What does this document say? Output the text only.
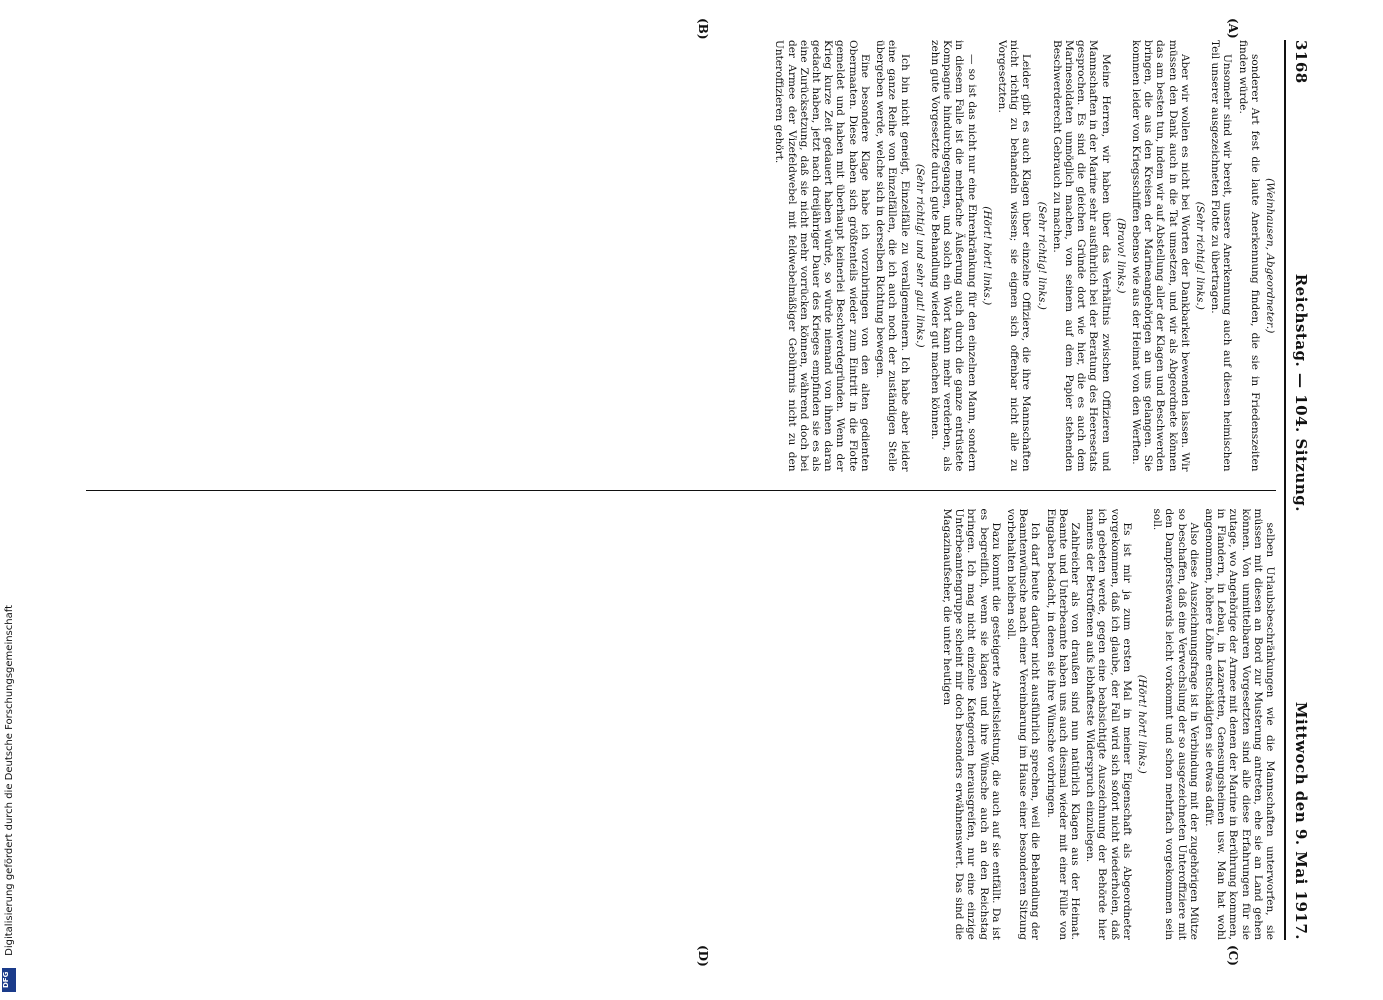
3168
Reichstag. — 104. Sitzung.
Mittwoch den 9. Mai 1917.

(Weinhausen, Abgeordneter.)

sonderer Art fest die laute Anerkennung finden, die sie in Friedenszeiten finden würde.

Unsomehr sind wir bereit, unsere Anerkennung auch auf diesen heimischen Teil unserer ausgezeichneten Flotte zu übertragen.

(Sehr richtig! links.)

Aber wir wollen es nicht bei Worten der Dankbarkeit bewenden lassen. Wir müssen den Dank auch in die Tat umsetzen, und wir als Abgeordnete können das am besten tun, indem wir auf Abstellung aller der Klagen und Beschwerden bringen, die aus den Kreisen der Marineangehörigen an uns gelangen. Sie kommen leider von Kriegsschiffen ebenso wie aus der Heimat von den Werften.

(Bravo! links.)

Meine Herren, wir haben über das Verhältnis zwischen Offizieren und Mannschaften in der Marine sehr ausführlich bei der Beratung des Heeresetats gesprochen. Es sind die gleichen Gründe dort wie hier, die es auch dem Marinesoldaten unmöglich machen, von seinem auf dem Papier stehenden Beschwerderecht Gebrauch zu machen.

(Sehr richtig! links.)

Leider gibt es auch Klagen über einzelne Offiziere, die ihre Mannschaften nicht richtig zu behandeln wissen; sie eignen sich offenbar nicht alle zu Vorgesetzten.

(Hört! hört! links.)

— so ist das nicht nur eine Ehrenkränkung für den einzelnen Mann, sondern in diesem Falle ist die mehrfache Äußerung auch durch die ganze entrüstete Kompagnie hindurchgegangen, und solch ein Wort kann mehr verderben, als zehn gute Vorgesetzte durch gute Behandlung wieder gut machen können.

(Sehr richtig! und sehr gut! links.)

Ich bin nicht geneigt, Einzelfälle zu verallgemeinern. Ich habe aber leider eine ganze Reihe von Einzelfällen, die ich auch noch der zuständigen Stelle übergeben werde, welche sich in derselben Richtung bewegen.

Eine besondere Klage habe ich vorzubringen von den alten gedienten Obermaaten. Diese haben sich größtenteils wieder zum Eintritt in die Flotte gemeldet und haben mit überhaupt keinerlei Beschwerdegründen. Wenn der Krieg kurze Zeit gedauert haben würde, so würde niemand von ihnen daran gedacht haben, jetzt nach dreijähriger Dauer des Krieges empfinden sie es als eine Zurücksetzung, daß sie nicht mehr vorrücken können, während doch bei der Armee der Vizefeldwebel mit feldwebelmäßiger Gebührnis nicht zu den Unteroffizieren gehört.

selben Urlaubsbeschränkungen wie die Mannschaften unterworfen, sie müssen mit diesen an Bord zur Musterung antreten, ehe sie an Land gehen können. Von unmittelbaren Vorgesetzten sind alle diese Erfahrungen für sie zutage, wo Angehörige der Armee mit denen der Marine in Berührung kommen, in Flandern, in Lebau, in Lazaretten, Genesungsheimen usw. Man hat wohl angenommen, höhere Löhne entschädigten sie etwas dafür.

Also diese Auszeichnungsfrage ist in Verbindung mit der zugehörigen Mütze so beschaffen, daß eine Verwechslung der so ausgezeichneten Unteroffiziere mit den Dampferstewards leicht vorkommt und schon mehrfach vorgekommen sein soll.

(Hört! hört! links.)

Es ist mir ja zum ersten Mal in meiner Eigenschaft als Abgeordneter vorgekommen, daß ich glaube, der Fall wird sich sofort nicht wiederholen, daß ich gebeten werde, gegen eine beabsichtigte Auszeichnung der Behörde hier namens der Betroffenen aufs lebhafteste Widerspruch einzulegen.

Zahlreicher als von draußen sind nun natürlich Klagen aus der Heimat. Beamte und Unterbeamte haben uns auch diesmal wieder mit einer Fülle von Eingaben bedacht, in denen sie ihre Wünsche vorbringen.

Ich darf heute darüber nicht ausführlich sprechen, weil die Behandlung der Beamtenwünsche nach einer Vereinbarung im Hause einer besonderen Sitzung vorbehalten bleiben soll.

Dazu kommt die gesteigerte Arbeitsleistung, die auch auf sie entfällt. Da ist es begreiflich, wenn sie klagen und ihre Wünsche auch an den Reichstag bringen. Ich mag nicht einzelne Kategorien herausgreifen, nur eine einzige Unterbeamtengruppe scheint mir doch besonders erwähnenswert. Das sind die Magazinaufseher, die unter heutigen

(A)
(B)
(C)
(D)
Digitalisierung gefördert durch die Deutsche Forschungsgemeinschaft
DFG
